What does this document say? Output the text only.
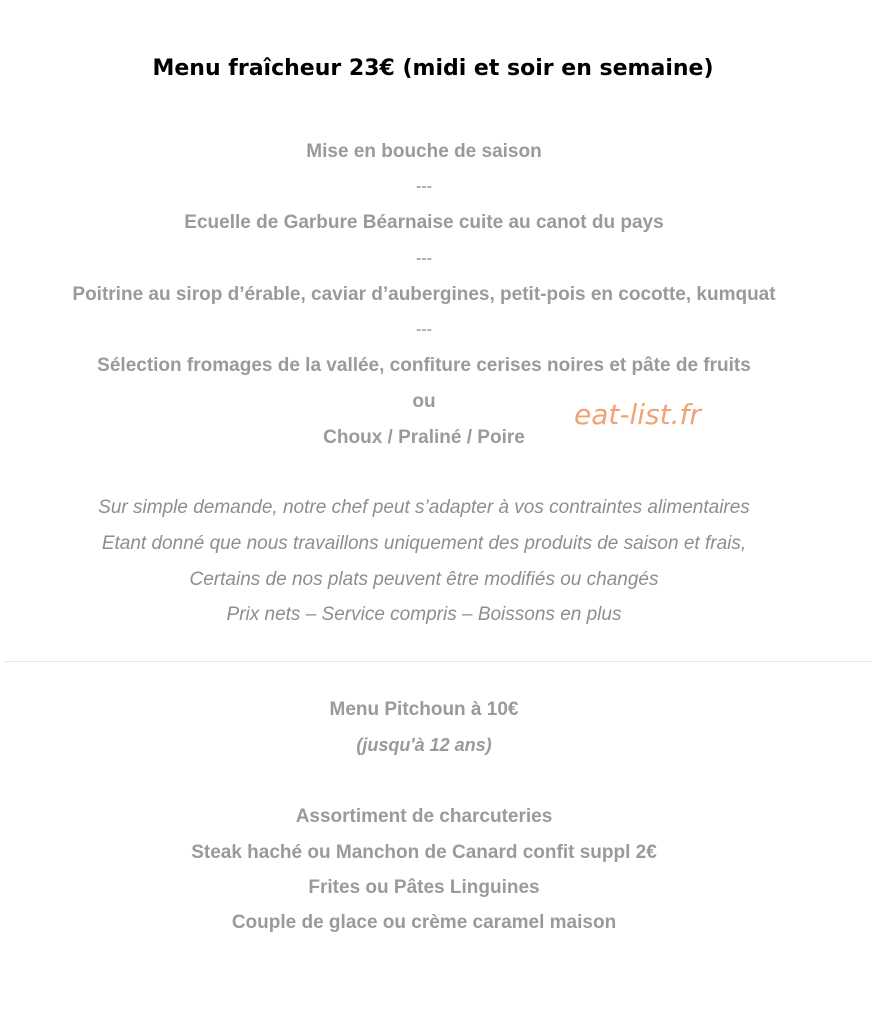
Menu fraîcheur 23€ (midi et soir en semaine)
Mise en bouche de saison
---
Ecuelle de Garbure Béarnaise cuite au canot du pays
---
Poitrine au sirop d’érable, caviar d’aubergines, petit-pois en cocotte, kumquat
---
Sélection fromages de la vallée, confiture cerises noires et pâte de fruits
ou
Choux / Praliné / Poire
eat-list.fr
Sur simple demande, notre chef peut s’adapter à vos contraintes alimentaires
Etant donné que nous travaillons uniquement des produits de saison et frais,
Certains de nos plats peuvent être modifiés ou changés
Prix nets – Service compris – Boissons en plus
Menu Pitchoun à 10€
(jusqu'à 12 ans)
Assortiment de charcuteries
Steak haché ou Manchon de Canard confit suppl 2€
Frites ou Pâtes Linguines
Couple de glace ou crème caramel maison
